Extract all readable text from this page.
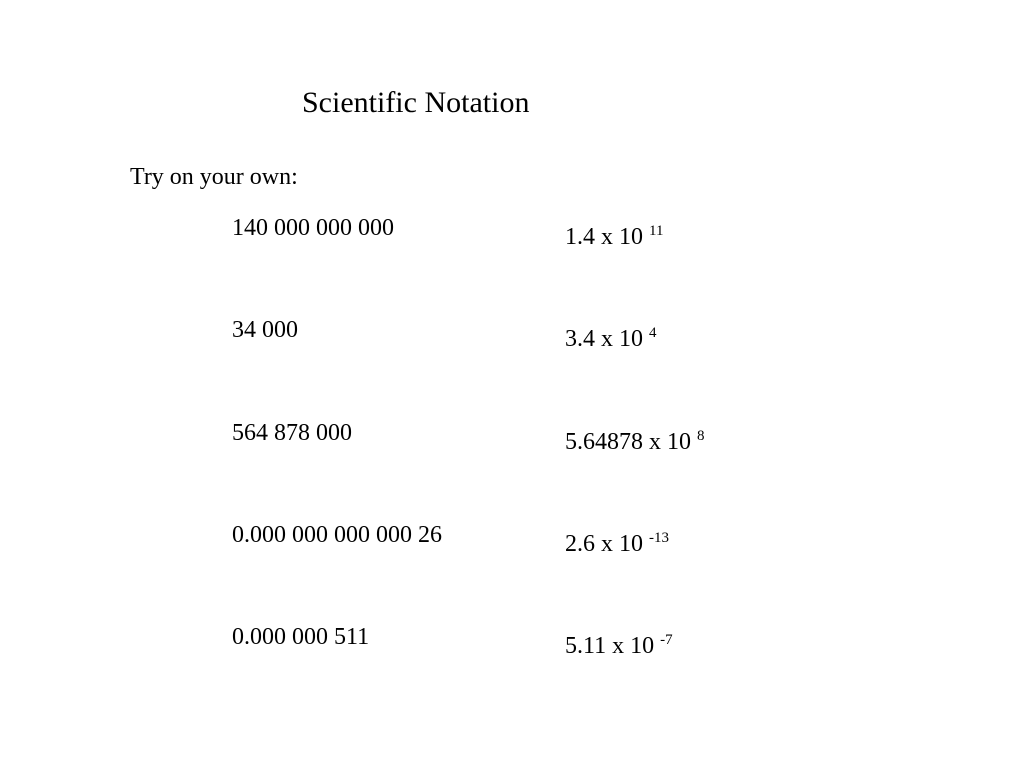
Scientific Notation
Try on your own:
140 000 000 000	1.4 x 10 $^{11}$
34 000	3.4 x 10 $^4$
564 878 000	5.64878 x 10 $^8$
0.000 000 000 000 26	2.6 x 10 $^{-13}$
0.000 000 511	5.11 x 10 $^{-7}$
